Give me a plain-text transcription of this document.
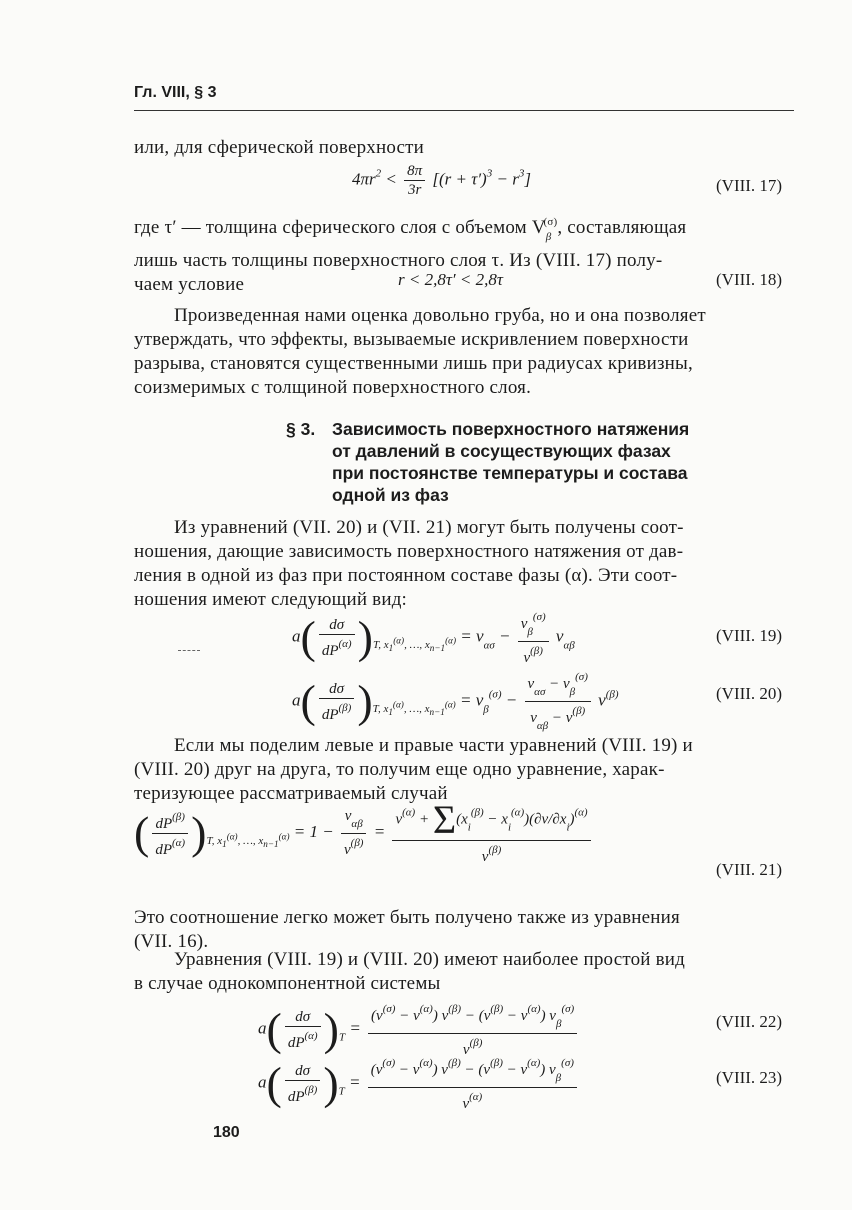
Гл. VIII, § 3
или, для сферической поверхности
$4\pi r^2 < \frac{8\pi}{3r} [(r + \tau')^3 - r^3]$	(VIII. 17)
где τ′ — толщина сферического слоя с объемом $V_\beta^{(\sigma)}$, составляющая
лишь часть толщины поверхностного слоя τ. Из (VIII. 17) полу-
чаем условие	r < 2,8τ′ < 2,8τ	(VIII. 18)
Произведенная нами оценка довольно груба, но и она позволяет
утверждать, что эффекты, вызываемые искривлением поверхности
разрыва, становятся существенными лишь при радиусах кривизны,
соизмеримых с толщиной поверхностного слоя.
§ 3. Зависимость поверхностного натяжения
от давлений в сосуществующих фазах
при постоянстве температуры и состава
одной из фаз
Из уравнений (VII. 20) и (VII. 21) могут быть получены соот-
ношения, дающие зависимость поверхностного натяжения от дав-
ления в одной из фаз при постоянном составе фазы (α). Эти соот-
ношения имеют следующий вид:
$a( \frac{d\sigma}{dP^{(\alpha)}} )_{T, x_1^{(\alpha)}, \dots, x_{n-1}^{(\alpha)}} = v_{\alpha\sigma} - \frac{v_\beta^{(\sigma)}}{v^{(\beta)}} v_{\alpha\beta}$
(VIII. 19)
$a( \frac{d\sigma}{dP^{(\beta)}} )_{T, x_1^{(\alpha)}, \dots, x_{n-1}^{(\alpha)}} = v_\beta^{(\sigma)} - \frac{v_{\alpha\sigma} - v_\beta^{(\sigma)}}{v_{\alpha\beta} - v^{(\beta)}} v^{(\beta)}$	(VIII. 20)
Если мы поделим левые и правые части уравнений (VIII. 19) и
(VIII. 20) друг на друга, то получим еще одно уравнение, харак-
теризующее рассматриваемый случай
( $\frac{dP^{(\beta)}}{dP^{(\alpha)}} )_{T, x_1^{(\alpha)}, \dots, x_{n-1}^{(\alpha)}} = 1 - \frac{v_{\alpha\beta}}{v^{(\beta)}} = \frac{v^{(\alpha)} + \Sigma(x_i^{(\beta)} - x_i^{(\alpha)})(\partial v/\partial x_i)^{(\alpha)}}{v^{(\beta)}}$
(VIII. 21)
Это соотношение легко может быть получено также из уравнения
(VII. 16).
Уравнения (VIII. 19) и (VIII. 20) имеют наиболее простой вид
в случае однокомпонентной системы
$a( \frac{d\sigma}{dP^{(\alpha)}} )_T = \frac{(v^{(\sigma)} - v^{(\alpha)}) v^{(\beta)} - (v^{(\beta)} - v^{(\alpha)}) v_\beta^{(\sigma)}}{v^{(\beta)}}$	(VIII. 22)
$a( \frac{d\sigma}{dP^{(\beta)}} )_T = \frac{(v^{(\sigma)} - v^{(\alpha)}) v^{(\beta)} - (v^{(\beta)} - v^{(\alpha)}) v_\beta^{(\sigma)}}{v^{(\alpha)}}$	(VIII. 23)
180
